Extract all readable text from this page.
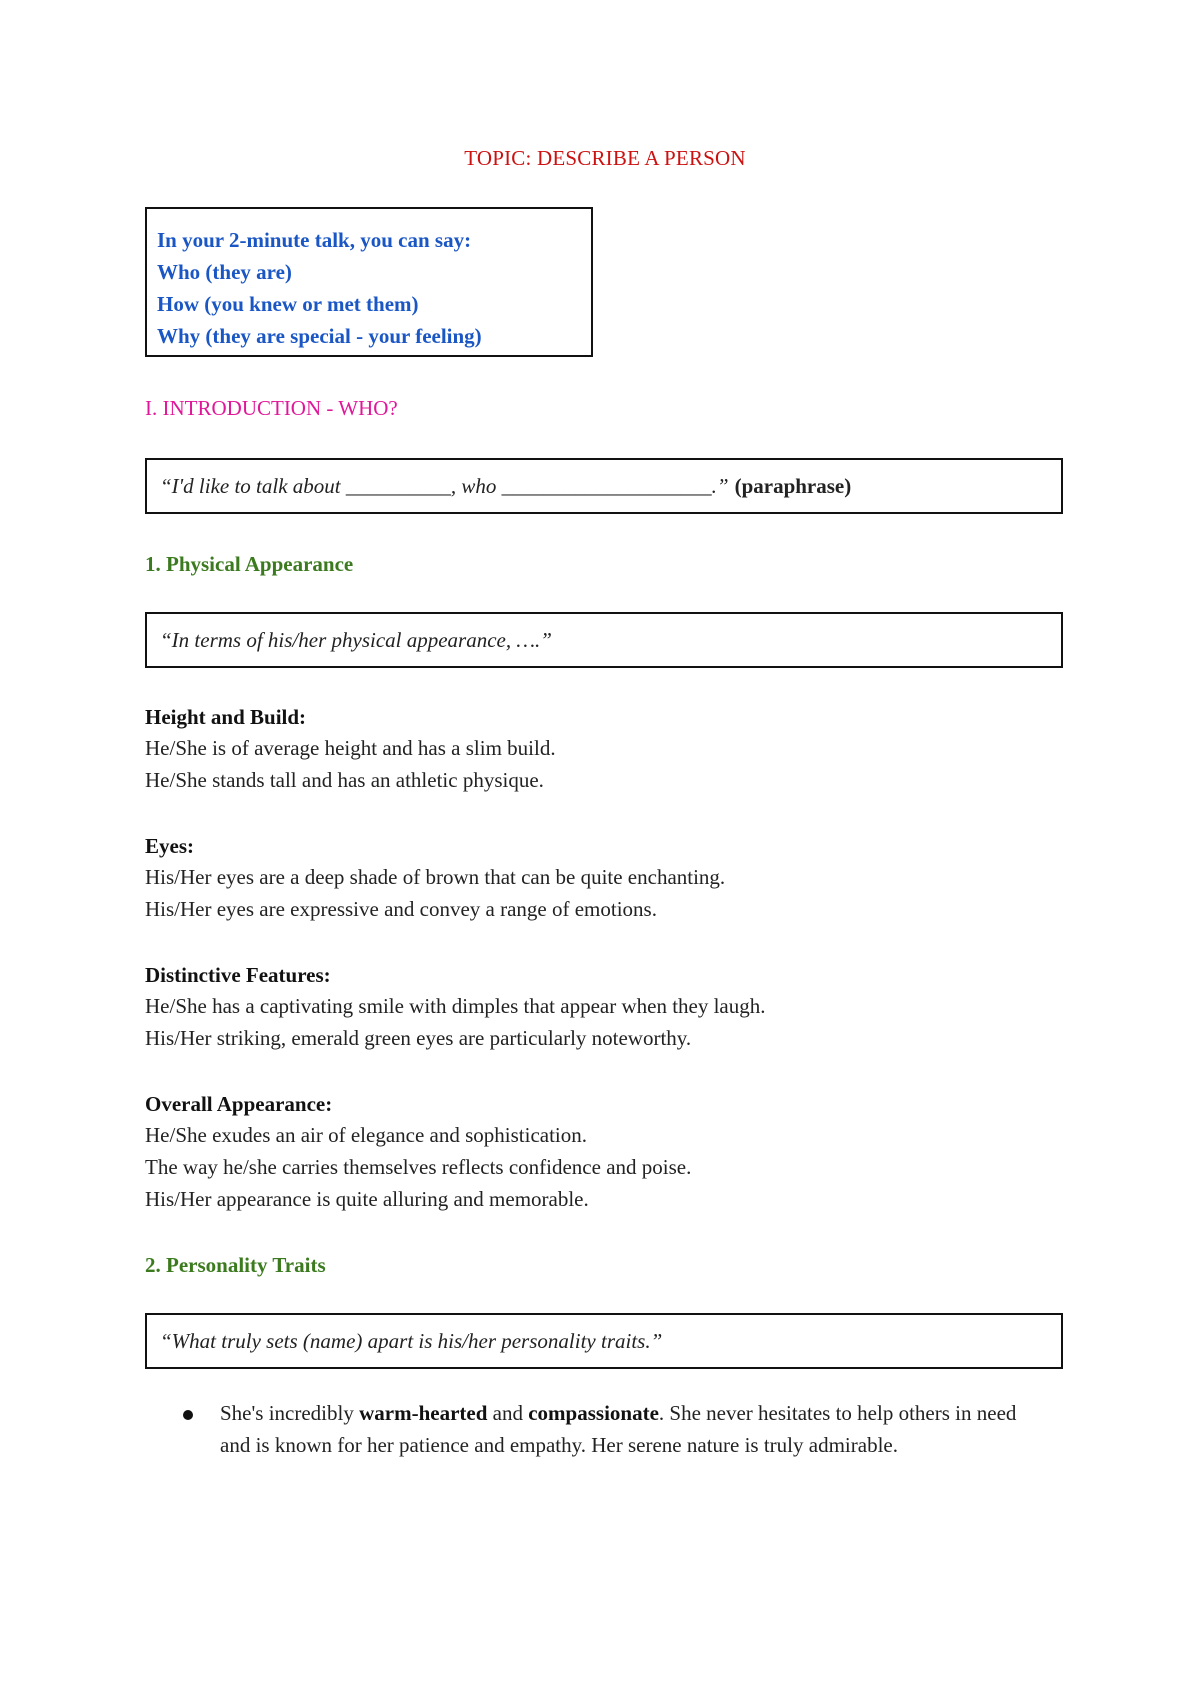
TOPIC: DESCRIBE A PERSON
In your 2-minute talk, you can say:
Who (they are)
How (you knew or met them)
Why (they are special - your feeling)
I. INTRODUCTION - WHO?
“I'd like to talk about __________, who ____________________.” (paraphrase)
1. Physical Appearance
“In terms of his/her physical appearance, ….”
Height and Build:
He/She is of average height and has a slim build.
He/She stands tall and has an athletic physique.
Eyes:
His/Her eyes are a deep shade of brown that can be quite enchanting.
His/Her eyes are expressive and convey a range of emotions.
Distinctive Features:
He/She has a captivating smile with dimples that appear when they laugh.
His/Her striking, emerald green eyes are particularly noteworthy.
Overall Appearance:
He/She exudes an air of elegance and sophistication.
The way he/she carries themselves reflects confidence and poise.
His/Her appearance is quite alluring and memorable.
2. Personality Traits
“What truly sets (name) apart is his/her personality traits.”
She's incredibly warm-hearted and compassionate. She never hesitates to help others in need and is known for her patience and empathy. Her serene nature is truly admirable.
